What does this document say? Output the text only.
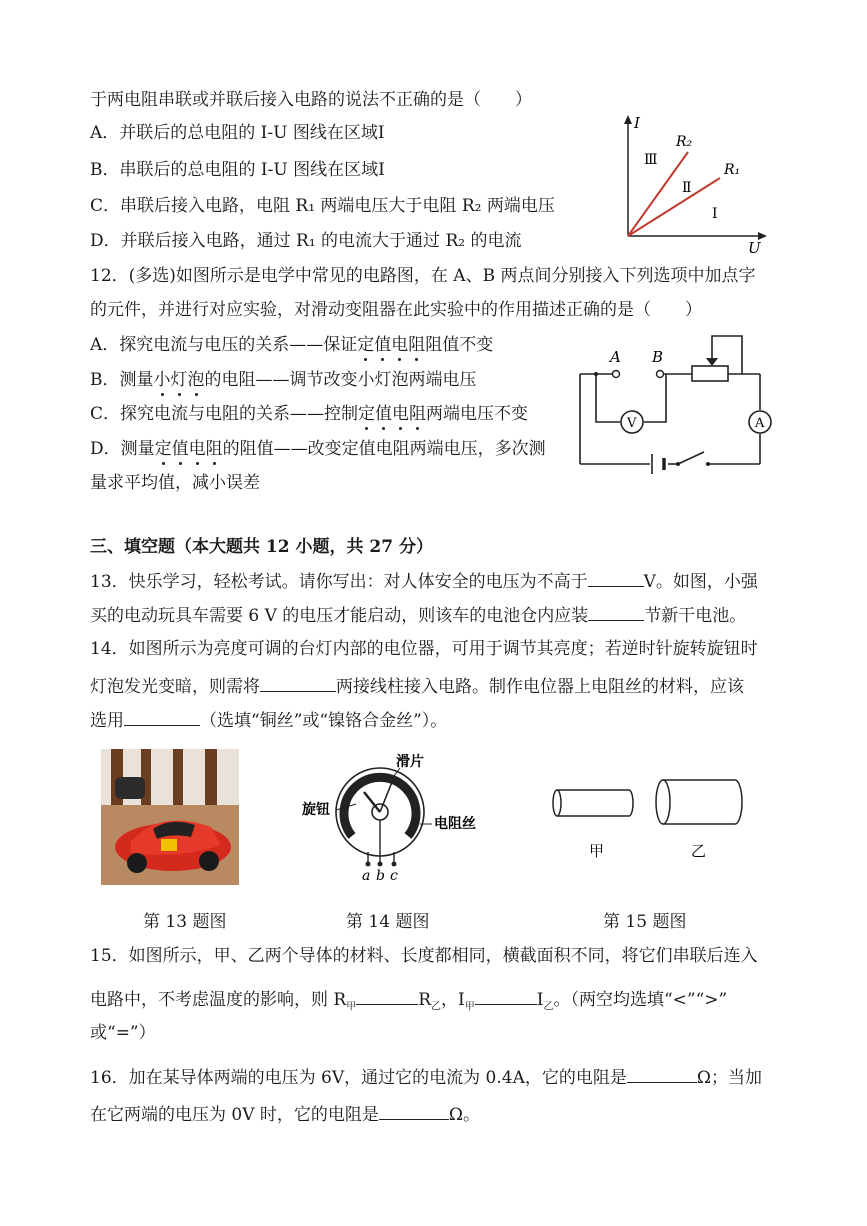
于两电阻串联或并联后接入电路的说法不正确的是（　　）
A．并联后的总电阻的 I-U 图线在区域Ⅰ
B．串联后的总电阻的 I-U 图线在区域Ⅰ
C．串联后接入电路，电阻 R₁ 两端电压大于电阻 R₂ 两端电压
D．并联后接入电路，通过 R₁ 的电流大于通过 R₂ 的电流
I
U
R₂
R₁
Ⅲ
Ⅱ
Ⅰ
12．(多选)如图所示是电学中常见的电路图，在 A、B 两点间分别接入下列选项中加点字
的元件，并进行对应实验，对滑动变阻器在此实验中的作用描述正确的是（　　）
A．探究电流与电压的关系——保证定值电阻阻值不变
B．测量小灯泡的电阻——调节改变小灯泡两端电压
C．探究电流与电阻的关系——控制定值电阻两端电压不变
D．测量定值电阻的阻值——改变定值电阻两端电压，多次测
量求平均值，减小误差
A B
V	A
三、填空题（本大题共 12 小题，共 27 分）
13．快乐学习，轻松考试。请你写出：对人体安全的电压为不高于	V。如图，小强
买的电动玩具车需要 6 V 的电压才能启动，则该车的电池仓内应装	节新干电池。
14．如图所示为亮度可调的台灯内部的电位器，可用于调节其亮度；若逆时针旋转旋钮时
灯泡发光变暗，则需将	两接线柱接入电路。制作电位器上电阻丝的材料，应该
选用	（选填“铜丝”或“镍铬合金丝”）。
滑片
旋钮
电阻丝
a b c
甲	乙
第 13 题图	第 14 题图	第 15 题图
15．如图所示，甲、乙两个导体的材料、长度都相同，横截面积不同，将它们串联后连入
电路中，不考虑温度的影响，则 $R_甲$	$R_乙$，$I_甲$	$I_乙$。（两空均选填“<”“>”
或“=”）
16．加在某导体两端的电压为 6V，通过它的电流为 0.4A，它的电阻是	Ω；当加
在它两端的电压为 0V 时，它的电阻是	Ω。
